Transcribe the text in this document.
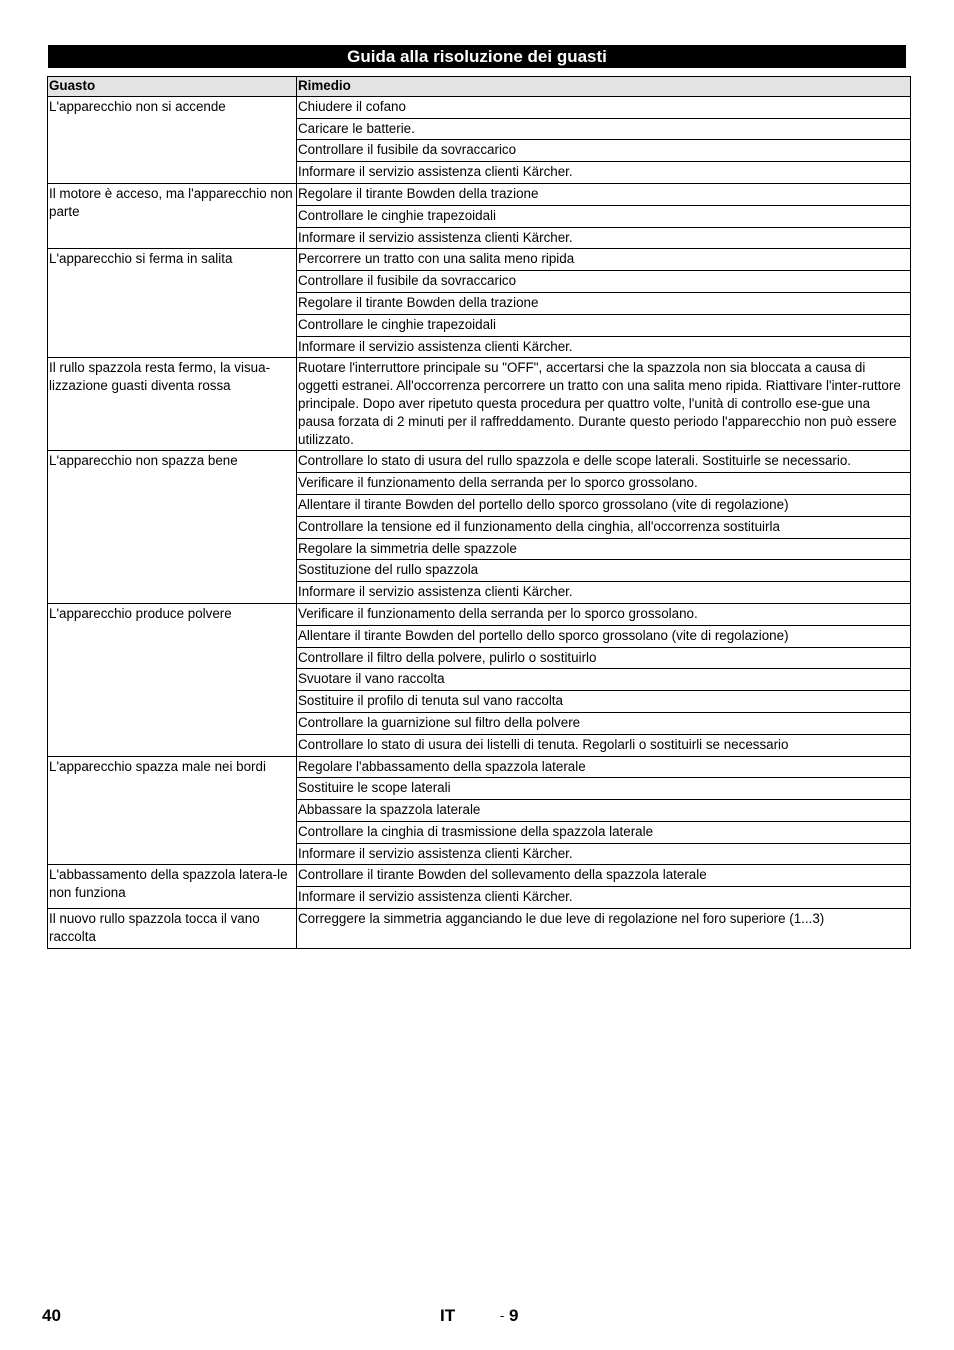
Guida alla risoluzione dei guasti
Guasto	Rimedio
L'apparecchio non si accende	Chiudere il cofano
	Caricare le batterie.
	Controllare il fusibile da sovraccarico
	Informare il servizio assistenza clienti Kärcher.
Il motore è acceso, ma l'apparecchio non parte	Regolare il tirante Bowden della trazione
	Controllare le cinghie trapezoidali
	Informare il servizio assistenza clienti Kärcher.
L'apparecchio si ferma in salita	Percorrere un tratto con una salita meno ripida
	Controllare il fusibile da sovraccarico
	Regolare il tirante Bowden della trazione
	Controllare le cinghie trapezoidali
	Informare il servizio assistenza clienti Kärcher.
Il rullo spazzola resta fermo, la visua-lizzazione guasti diventa rossa	Ruotare l'interruttore principale su "OFF", accertarsi che la spazzola non sia bloccata a causa di oggetti estranei. All'occorrenza percorrere un tratto con una salita meno ripida. Riattivare l'inter-ruttore principale. Dopo aver ripetuto questa procedura per quattro volte, l'unità di controllo ese-gue una pausa forzata di 2 minuti per il raffreddamento. Durante questo periodo l'apparecchio non può essere utilizzato.
L'apparecchio non spazza bene	Controllare lo stato di usura del rullo spazzola e delle scope laterali. Sostituirle se necessario.
	Verificare il funzionamento della serranda per lo sporco grossolano.
	Allentare il tirante Bowden del portello dello sporco grossolano (vite di regolazione)
	Controllare la tensione ed il funzionamento della cinghia, all'occorrenza sostituirla
	Regolare la simmetria delle spazzole
	Sostituzione del rullo spazzola
	Informare il servizio assistenza clienti Kärcher.
L'apparecchio produce polvere	Verificare il funzionamento della serranda per lo sporco grossolano.
	Allentare il tirante Bowden del portello dello sporco grossolano (vite di regolazione)
	Controllare il filtro della polvere, pulirlo o sostituirlo
	Svuotare il vano raccolta
	Sostituire il profilo di tenuta sul vano raccolta
	Controllare la guarnizione sul filtro della polvere
	Controllare lo stato di usura dei listelli di tenuta. Regolarli o sostituirli se necessario
L'apparecchio spazza male nei bordi	Regolare l'abbassamento della spazzola laterale
	Sostituire le scope laterali
	Abbassare la spazzola laterale
	Controllare la cinghia di trasmissione della spazzola laterale
	Informare il servizio assistenza clienti Kärcher.
L'abbassamento della spazzola latera-le non funziona	Controllare il tirante Bowden del sollevamento della spazzola laterale
	Informare il servizio assistenza clienti Kärcher.
Il nuovo rullo spazzola tocca il vano raccolta	Correggere la simmetria agganciando le due leve di regolazione nel foro superiore (1...3)
40	IT	- 9
